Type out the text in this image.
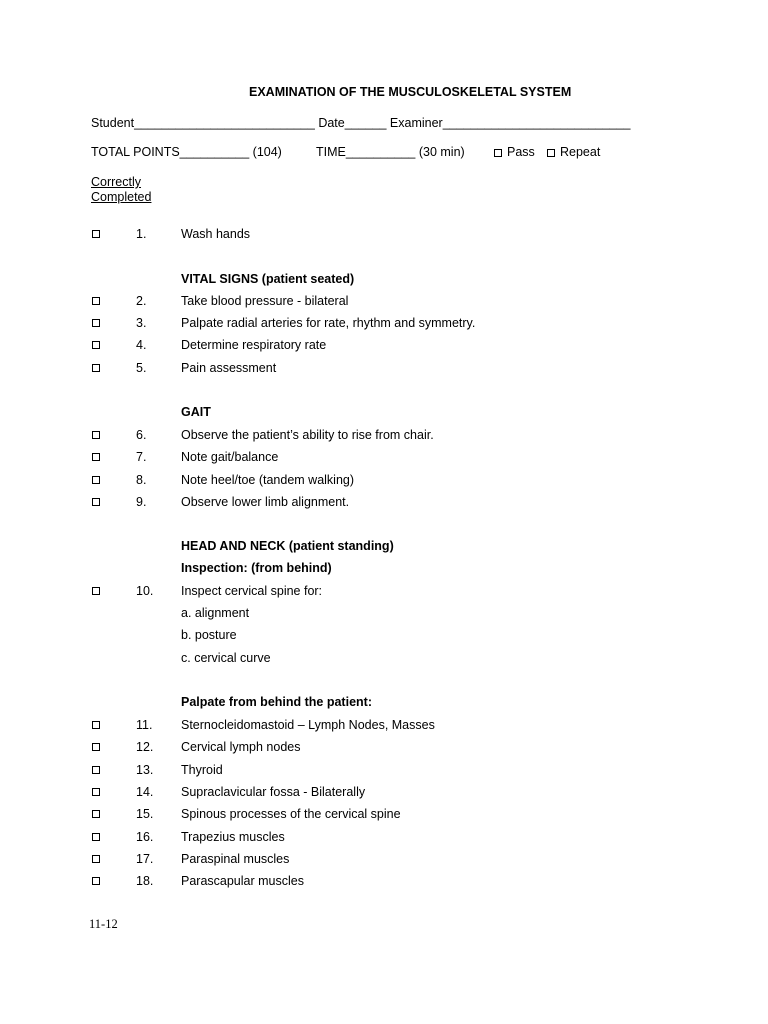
EXAMINATION OF THE MUSCULOSKELETAL SYSTEM
Student__________________________ Date______ Examiner___________________________
TOTAL POINTS__________ (104)	TIME__________ (30 min)	Pass	Repeat
Correctly
Completed
1.	Wash hands
VITAL SIGNS (patient seated)
2.	Take blood pressure - bilateral
3.	Palpate radial arteries for rate, rhythm and symmetry.
4.	Determine respiratory rate
5.	Pain assessment
GAIT
6.	Observe the patient’s ability to rise from chair.
7.	Note gait/balance
8.	Note heel/toe (tandem walking)
9.	Observe lower limb alignment.
HEAD AND NECK (patient standing)
Inspection: (from behind)
10. Inspect cervical spine for:
a. alignment
b. posture
c. cervical curve
Palpate from behind the patient:
11. Sternocleidomastoid – Lymph Nodes, Masses
12. Cervical lymph nodes
13. Thyroid
14. Supraclavicular fossa - Bilaterally
15. Spinous processes of the cervical spine
16. Trapezius muscles
17. Paraspinal muscles
18. Parascapular muscles
11-12
